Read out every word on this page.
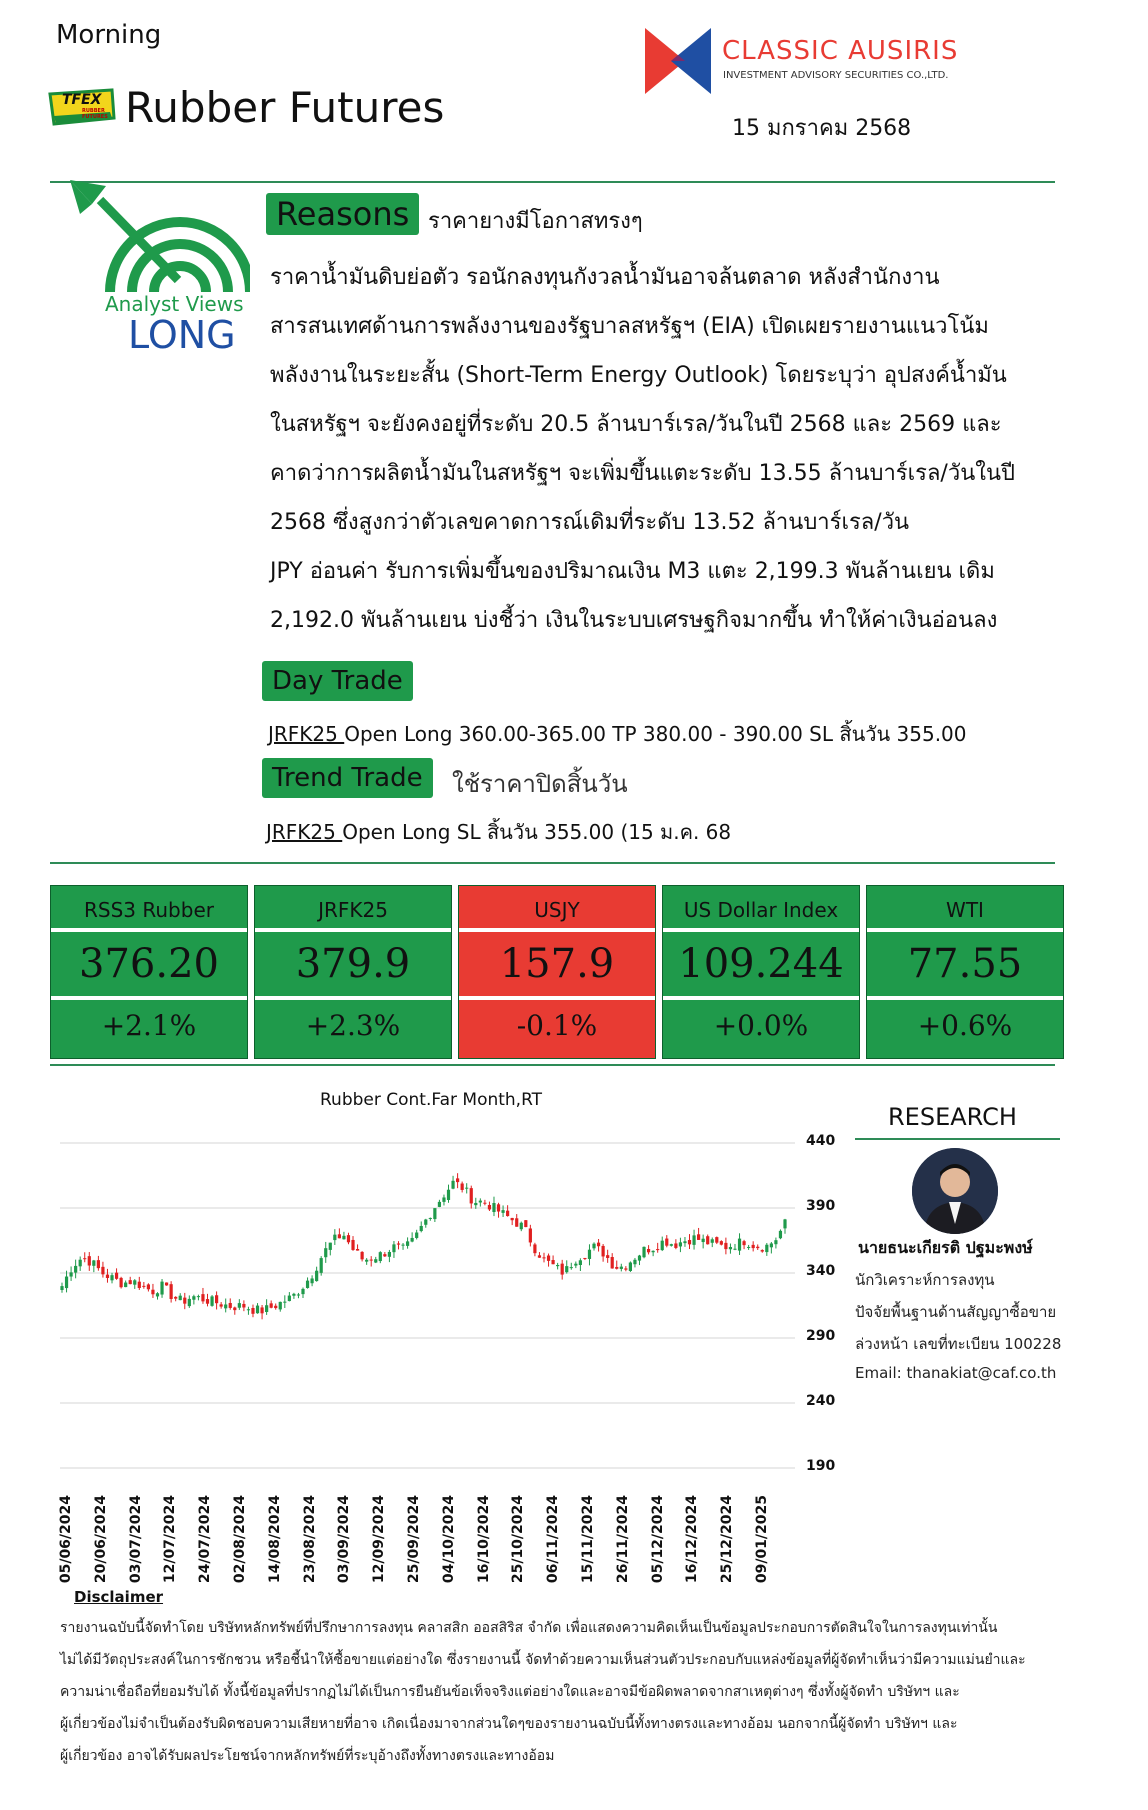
Morning
TFEX
RUBBER FUTURES Rubber Futures
CLASSIC AUSIRIS
INVESTMENT ADVISORY SECURITIES CO.,LTD.
15 มกราคม 2568
Analyst Views
LONG
Reasons ราคายางมีโอกาสทรงๆ
ราคาน้ำมันดิบย่อตัว รอนักลงทุนกังวลน้ำมันอาจล้นตลาด หลังสำนักงาน
สารสนเทศด้านการพลังงานของรัฐบาลสหรัฐฯ (EIA) เปิดเผยรายงานแนวโน้ม
พลังงานในระยะสั้น (Short-Term Energy Outlook) โดยระบุว่า อุปสงค์น้ำมัน
ในสหรัฐฯ จะยังคงอยู่ที่ระดับ 20.5 ล้านบาร์เรล/วันในปี 2568 และ 2569 และ
คาดว่าการผลิตน้ำมันในสหรัฐฯ จะเพิ่มขึ้นแตะระดับ 13.55 ล้านบาร์เรล/วันในปี
2568 ซึ่งสูงกว่าตัวเลขคาดการณ์เดิมที่ระดับ 13.52 ล้านบาร์เรล/วัน
JPY อ่อนค่า รับการเพิ่มขึ้นของปริมาณเงิน M3 แตะ 2,199.3 พันล้านเยน เดิม
2,192.0 พันล้านเยน บ่งชี้ว่า เงินในระบบเศรษฐกิจมากขึ้น ทำให้ค่าเงินอ่อนลง
Day Trade
JRFK25 Open Long 360.00-365.00 TP 380.00 - 390.00 SL สิ้นวัน 355.00
Trend Trade	ใช้ราคาปิดสิ้นวัน
JRFK25 Open Long SL สิ้นวัน 355.00 (15 ม.ค. 68
RSS3 Rubber
376.20
+2.1%
JRFK25
379.9
+2.3%
USJY
157.9
-0.1%
US Dollar Index
109.244
+0.0%
WTI
77.55
+0.6%
Rubber Cont.Far Month,RT
440
390
340
290
240
190
05/06/2024 20/06/2024 03/07/2024 12/07/2024 24/07/2024 02/08/2024 14/08/2024 23/08/2024 03/09/2024 12/09/2024 25/09/2024 04/10/2024 16/10/2024 25/10/2024 06/11/2024 15/11/2024 26/11/2024 05/12/2024 16/12/2024 25/12/2024 09/01/2025
RESEARCH
นายธนะเกียรติ ปฐมะพงษ์
นักวิเคราะห์การลงทุน
ปัจจัยพื้นฐานด้านสัญญาซื้อขาย
ล่วงหน้า เลขที่ทะเบียน 100228
Email: thanakiat@caf.co.th
Disclaimer
รายงานฉบับนี้จัดทำโดย บริษัทหลักทรัพย์ที่ปรึกษาการลงทุน คลาสสิก ออสสิริส จำกัด เพื่อแสดงความคิดเห็นเป็นข้อมูลประกอบการตัดสินใจในการลงทุนเท่านั้น
ไม่ได้มีวัตถุประสงค์ในการชักชวน หรือชี้นำให้ซื้อขายแต่อย่างใด ซึ่งรายงานนี้ จัดทำด้วยความเห็นส่วนตัวประกอบกับแหล่งข้อมูลที่ผู้จัดทำเห็นว่ามีความแม่นยำและ
ความน่าเชื่อถือที่ยอมรับได้ ทั้งนี้ข้อมูลที่ปรากฏไม่ได้เป็นการยืนยันข้อเท็จจริงแต่อย่างใดและอาจมีข้อผิดพลาดจากสาเหตุต่างๆ ซึ่งทั้งผู้จัดทำ บริษัทฯ และ
ผู้เกี่ยวข้องไม่จำเป็นต้องรับผิดชอบความเสียหายที่อาจ เกิดเนื่องมาจากส่วนใดๆของรายงานฉบับนี้ทั้งทางตรงและทางอ้อม นอกจากนี้ผู้จัดทำ บริษัทฯ และ
ผู้เกี่ยวข้อง อาจได้รับผลประโยชน์จากหลักทรัพย์ที่ระบุอ้างถึงทั้งทางตรงและทางอ้อม
